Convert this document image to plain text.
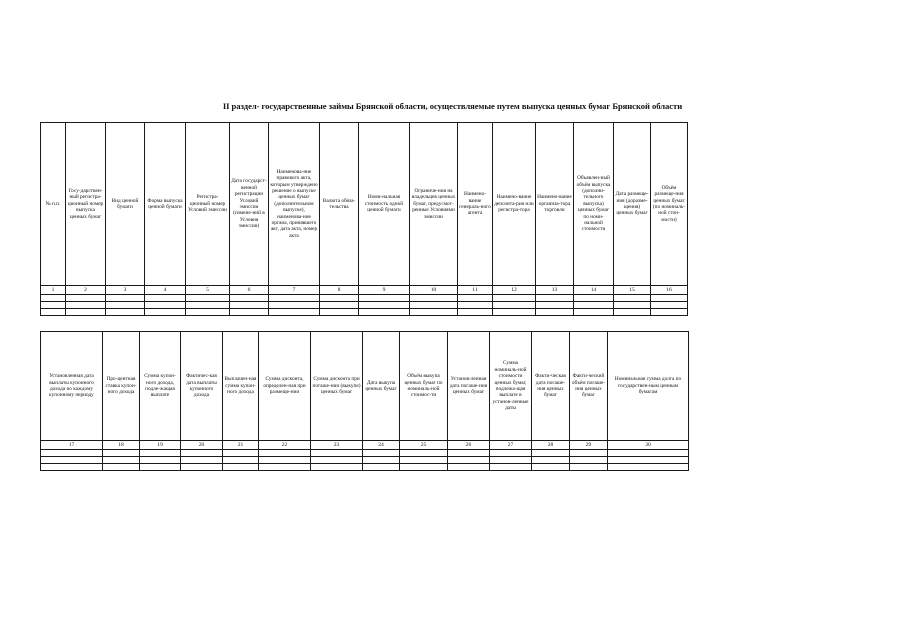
II раздел- государственные займы Брянской области, осуществляемые путем выпуска ценных бумаг Брянской области
№ п.п.	Госу-дарствен-ный регистра-ционный номер выпуска ценных бумаг	Вид ценной бумаги	Форма выпуска ценной бумаги	Регистра-ционный номер Условий эмиссии	Дата государст-венной регистрации Условий эмиссии (измене-ний в Условия эмиссии)	Наименова-ние правового акта, которым утверждено решение о выпуске ценных бумаг (дополнительном выпуске), наименова-ние органа, принявшего акт, дата акта, номер акта	Валюта обяза-тельства	Номи-нальная стоимость одной ценной бумаги	Ограниче-ния на владельцев ценных бумаг, предусмот-ренные Условиями эмиссии	Наимено-вание генераль-ного агента	Наимено-вание депозита-рия или регистра-тора	Наимено-вание организа-тора торговли	Объявлен-ный объём выпуска (дополни-тельного выпуска) ценных бумаг по номи-нальной стоимости	Дата размеще-ния (доразме-щения) ценных бумаг	Объём размеще-ния ценных бумаг (по номиналь-ной стои-мости)
1	2	3	4	5	6	7	8	9	10	11	12	13	14	15	16

Установленная дата выплаты купонного дохода по каждому купонному периоду	Про-центная ставка купон-ного дохода	Сумма купон-ного дохода, подле-жащая выплате	Фактичес-кая дата выплаты купонного дохода	Выплачен-ная сумма купон-ного дохода	Сумма дисконта, определен-ная при размеще-нии	Сумма дисконта при погаше-нии (выкупе) ценных бумаг	Дата выкупа ценных бумаг	Объём выкупа ценных бумаг по номиналь-ной стоимос-ти	Установ-ленная дата погаше-ния ценных бумаг	Сумма номиналь-ной стоимости ценных бумаг, подлежа-щая выплате в установ-ленные даты	Факти-ческая дата погаше-ния ценных бумаг	Факти-ческий объём погаше-ния ценных бумаг	Номинальная сумма долга по государствен-ным ценным бумагам
17	18	19	20	21	22	23	24	25	26	27	28	29	30
